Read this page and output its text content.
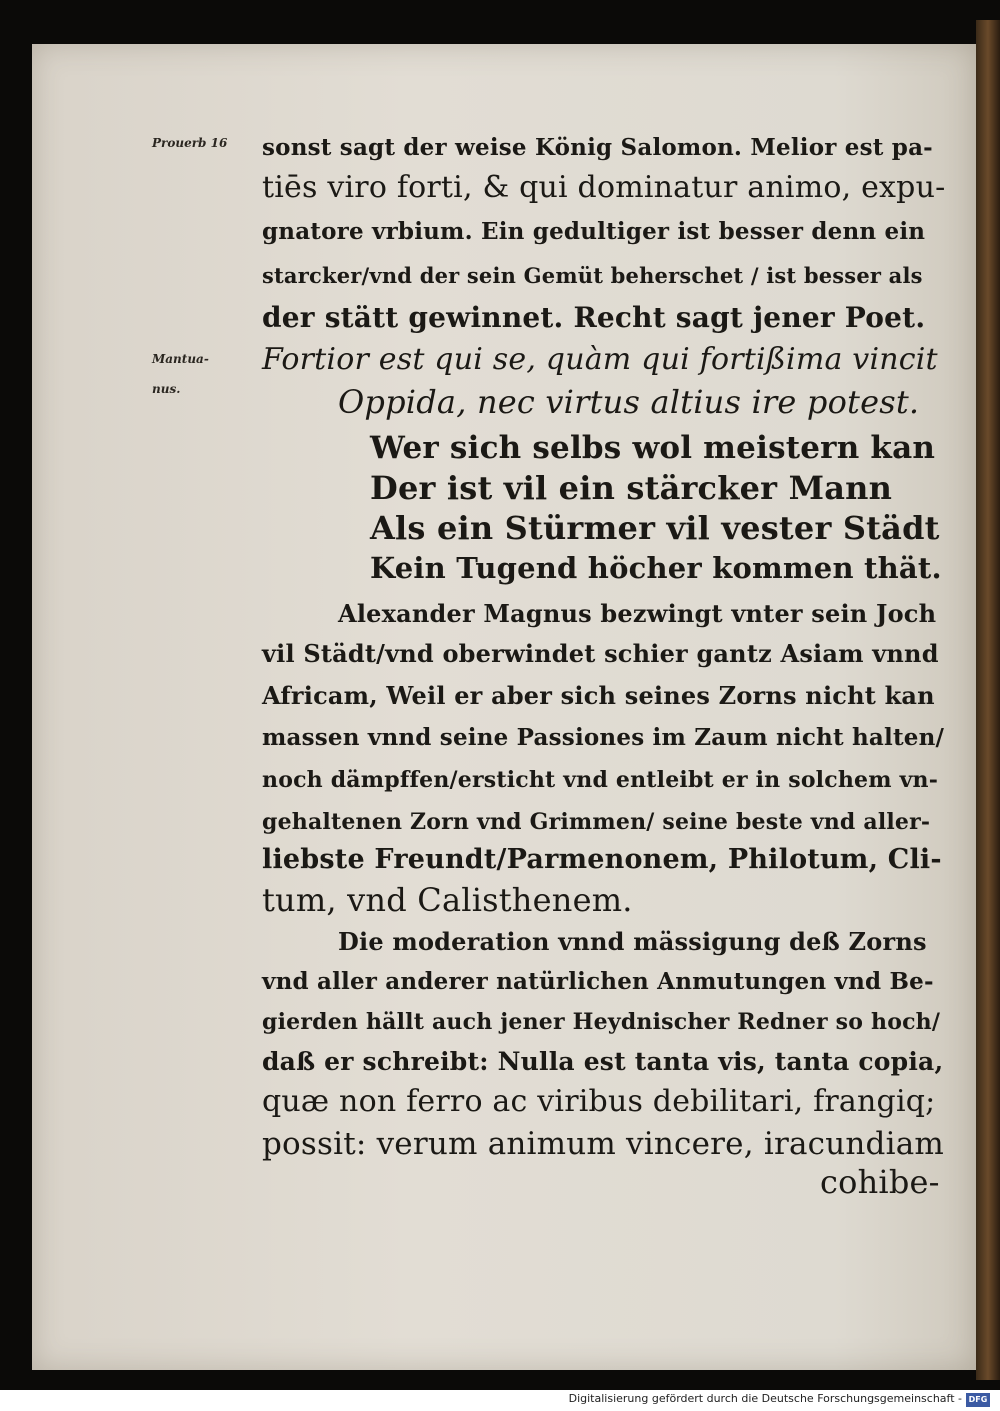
Prouerb 16
Mantua-
nus.
sonst sagt der weise König Salomon. Melior est pa-
tiēs viro forti, & qui dominatur animo, expu-
gnatore vrbium. Ein gedultiger ist besser denn ein
starcker/vnd der sein Gemüt beherschet / ist besser als
der stätt gewinnet. Recht sagt jener Poet.
Fortior est qui se, quàm qui fortißima vincit
Oppida, nec virtus altius ire potest.
Wer sich selbs wol meistern kan
Der ist vil ein stärcker Mann
Als ein Stürmer vil vester Städt
Kein Tugend höcher kommen thät.
Alexander Magnus bezwingt vnter sein Joch
vil Städt/vnd oberwindet schier gantz Asiam vnnd
Africam, Weil er aber sich seines Zorns nicht kan
massen vnnd seine Passiones im Zaum nicht halten/
noch dämpffen/ersticht vnd entleibt er in solchem vn-
gehaltenen Zorn vnd Grimmen/ seine beste vnd aller-
liebste Freundt/Parmenonem, Philotum, Cli-
tum, vnd Calisthenem.
Die moderation vnnd mässigung deß Zorns
vnd aller anderer natürlichen Anmutungen vnd Be-
gierden hällt auch jener Heydnischer Redner so hoch/
daß er schreibt: Nulla est tanta vis, tanta copia,
quæ non ferro ac viribus debilitari, frangiq;
possit: verum animum vincere, iracundiam
cohibe-
Digitalisierung gefördert durch die Deutsche Forschungsgemeinschaft - DFG
